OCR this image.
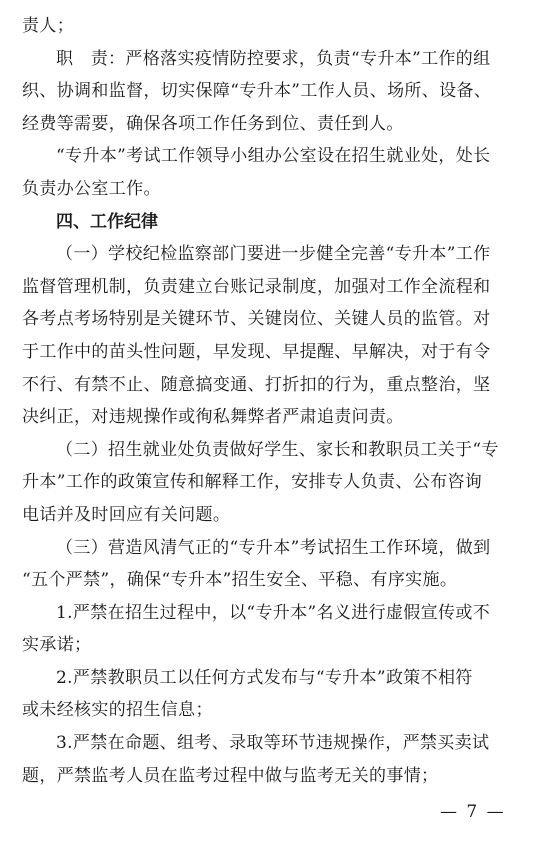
责人；
职　责：严格落实疫情防控要求，负责“专升本”工作的组
织、协调和监督，切实保障“专升本”工作人员、场所、设备、
经费等需要，确保各项工作任务到位、责任到人。
“专升本”考试工作领导小组办公室设在招生就业处，处长
负责办公室工作。
四、工作纪律
（一）学校纪检监察部门要进一步健全完善“专升本”工作
监督管理机制，负责建立台账记录制度，加强对工作全流程和
各考点考场特别是关键环节、关键岗位、关键人员的监管。对
于工作中的苗头性问题，早发现、早提醒、早解决，对于有令
不行、有禁不止、随意搞变通、打折扣的行为，重点整治，坚
决纠正，对违规操作或徇私舞弊者严肃追责问责。
（二）招生就业处负责做好学生、家长和教职员工关于“专
升本”工作的政策宣传和解释工作，安排专人负责、公布咨询
电话并及时回应有关问题。
（三）营造风清气正的“专升本”考试招生工作环境，做到
“五个严禁”，确保“专升本”招生安全、平稳、有序实施。
1.严禁在招生过程中，以“专升本”名义进行虚假宣传或不
实承诺；
2.严禁教职员工以任何方式发布与“专升本”政策不相符
或未经核实的招生信息；
3.严禁在命题、组考、录取等环节违规操作，严禁买卖试
题，严禁监考人员在监考过程中做与监考无关的事情；
— 7 —
